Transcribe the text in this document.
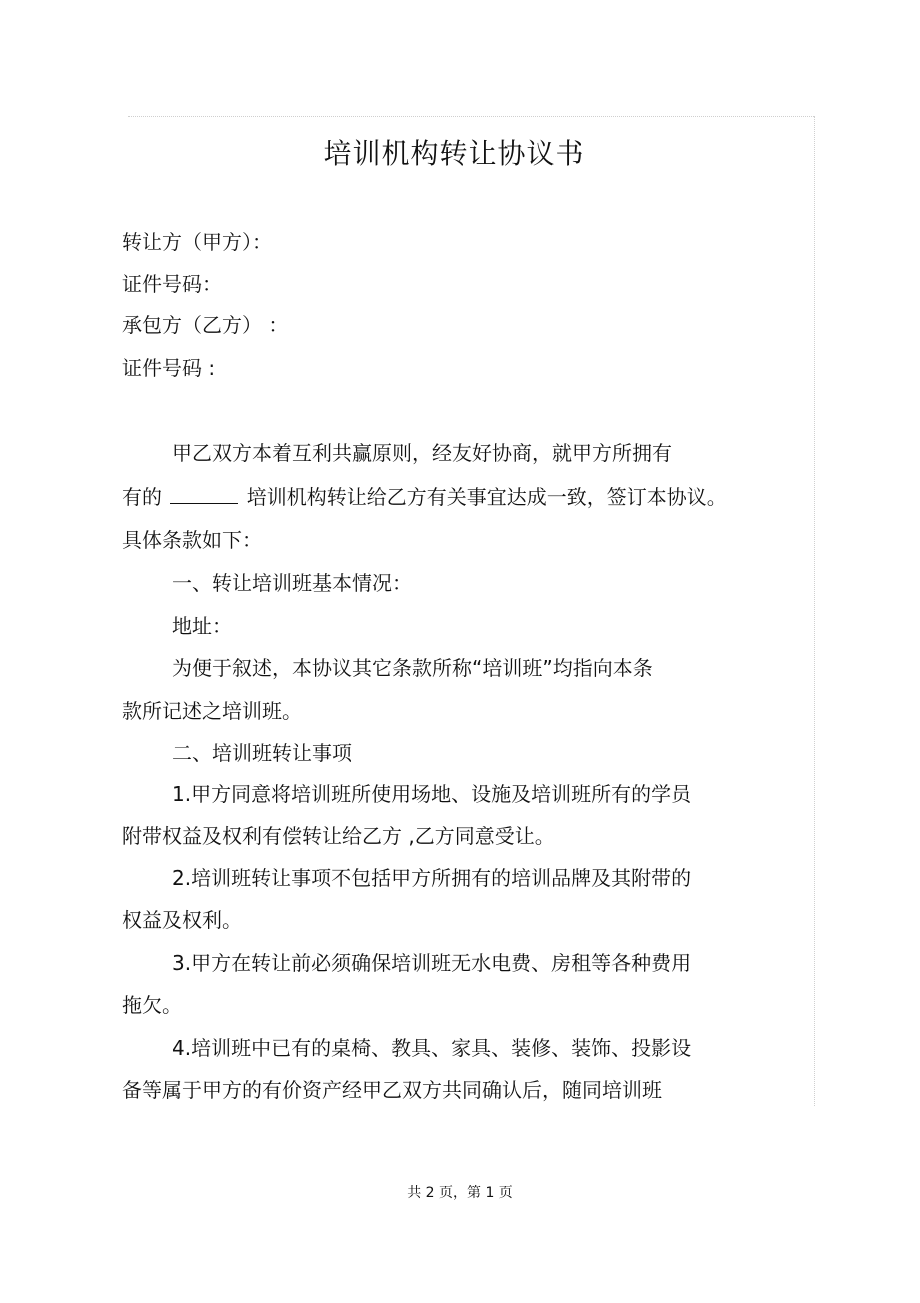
培训机构转让协议书
转让方（甲方）：
证件号码：
承包方（乙方） ：
证件号码 :
甲乙双方本着互利共赢原则，经友好协商，就甲方所拥有
有的	培训机构转让给乙方有关事宜达成一致，签订本协议。
具体条款如下：
一、转让培训班基本情况：
地址：
为便于叙述，本协议其它条款所称“培训班”均指向本条
款所记述之培训班。
二、培训班转让事项
1.甲方同意将培训班所使用场地、设施及培训班所有的学员
附带权益及权利有偿转让给乙方 ,乙方同意受让。
2.培训班转让事项不包括甲方所拥有的培训品牌及其附带的
权益及权利。
3.甲方在转让前必须确保培训班无水电费、房租等各种费用
拖欠。
4.培训班中已有的桌椅、教具、家具、装修、装饰、投影设
备等属于甲方的有价资产经甲乙双方共同确认后，随同培训班
共 2 页，第 1 页
